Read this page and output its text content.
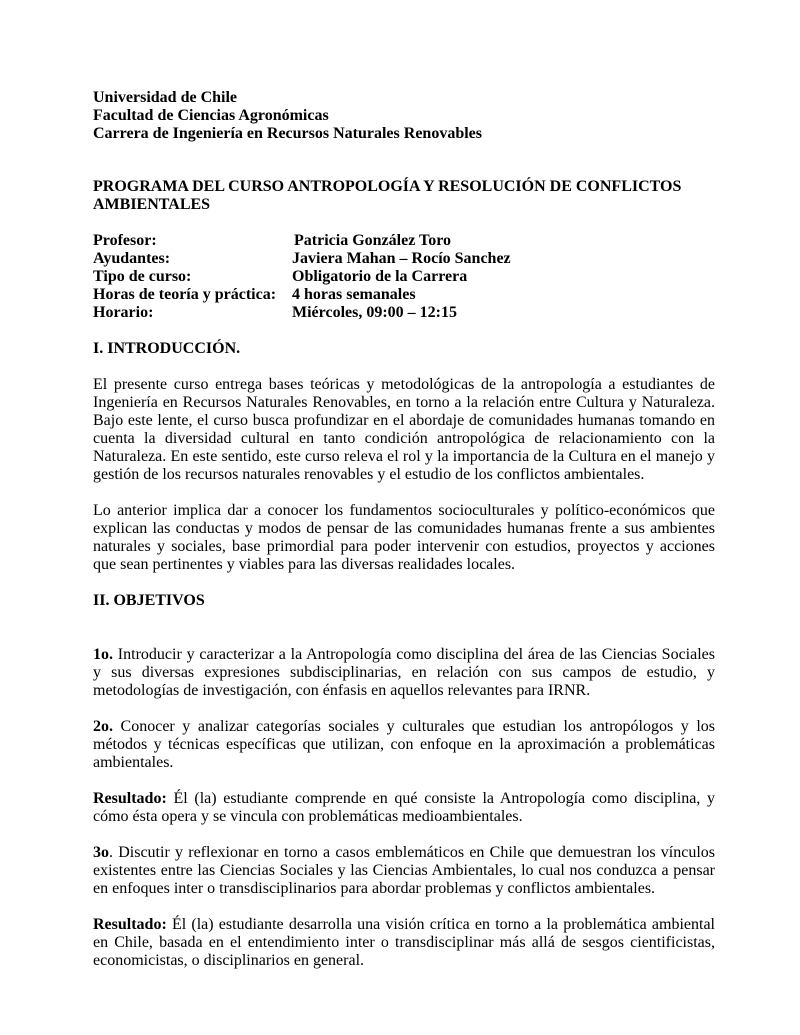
Universidad de Chile
Facultad de Ciencias Agronómicas
Carrera de Ingeniería en Recursos Naturales Renovables
PROGRAMA DEL CURSO ANTROPOLOGÍA Y RESOLUCIÓN DE CONFLICTOS AMBIENTALES
Profesor:	Patricia González Toro
Ayudantes:	Javiera Mahan – Rocío Sanchez
Tipo de curso:	Obligatorio de la Carrera
Horas de teoría y práctica:	4 horas semanales
Horario:	Miércoles, 09:00 – 12:15
I. INTRODUCCIÓN.

El presente curso entrega bases teóricas y metodológicas de la antropología a estudiantes de Ingeniería en Recursos Naturales Renovables, en torno a la relación entre Cultura y Naturaleza. Bajo este lente, el curso busca profundizar en el abordaje de comunidades humanas tomando en cuenta la diversidad cultural en tanto condición antropológica de relacionamiento con la Naturaleza. En este sentido, este curso releva el rol y la importancia de la Cultura en el manejo y gestión de los recursos naturales renovables y el estudio de los conflictos ambientales.

Lo anterior implica dar a conocer los fundamentos socioculturales y político-económicos que explican las conductas y modos de pensar de las comunidades humanas frente a sus ambientes naturales y sociales, base primordial para poder intervenir con estudios, proyectos y acciones que sean pertinentes y viables para las diversas realidades locales.

II. OBJETIVOS

1o. Introducir y caracterizar a la Antropología como disciplina del área de las Ciencias Sociales y sus diversas expresiones subdisciplinarias, en relación con sus campos de estudio, y metodologías de investigación, con énfasis en aquellos relevantes para IRNR.

2o. Conocer y analizar categorías sociales y culturales que estudian los antropólogos y los métodos y técnicas específicas que utilizan, con enfoque en la aproximación a problemáticas ambientales.

Resultado: Él (la) estudiante comprende en qué consiste la Antropología como disciplina, y cómo ésta opera y se vincula con problemáticas medioambientales.

3o. Discutir y reflexionar en torno a casos emblemáticos en Chile que demuestran los vínculos existentes entre las Ciencias Sociales y las Ciencias Ambientales, lo cual nos conduzca a pensar en enfoques inter o transdisciplinarios para abordar problemas y conflictos ambientales.

Resultado: Él (la) estudiante desarrolla una visión crítica en torno a la problemática ambiental en Chile, basada en el entendimiento inter o transdisciplinar más allá de sesgos cientificistas, economicistas, o disciplinarios en general.
